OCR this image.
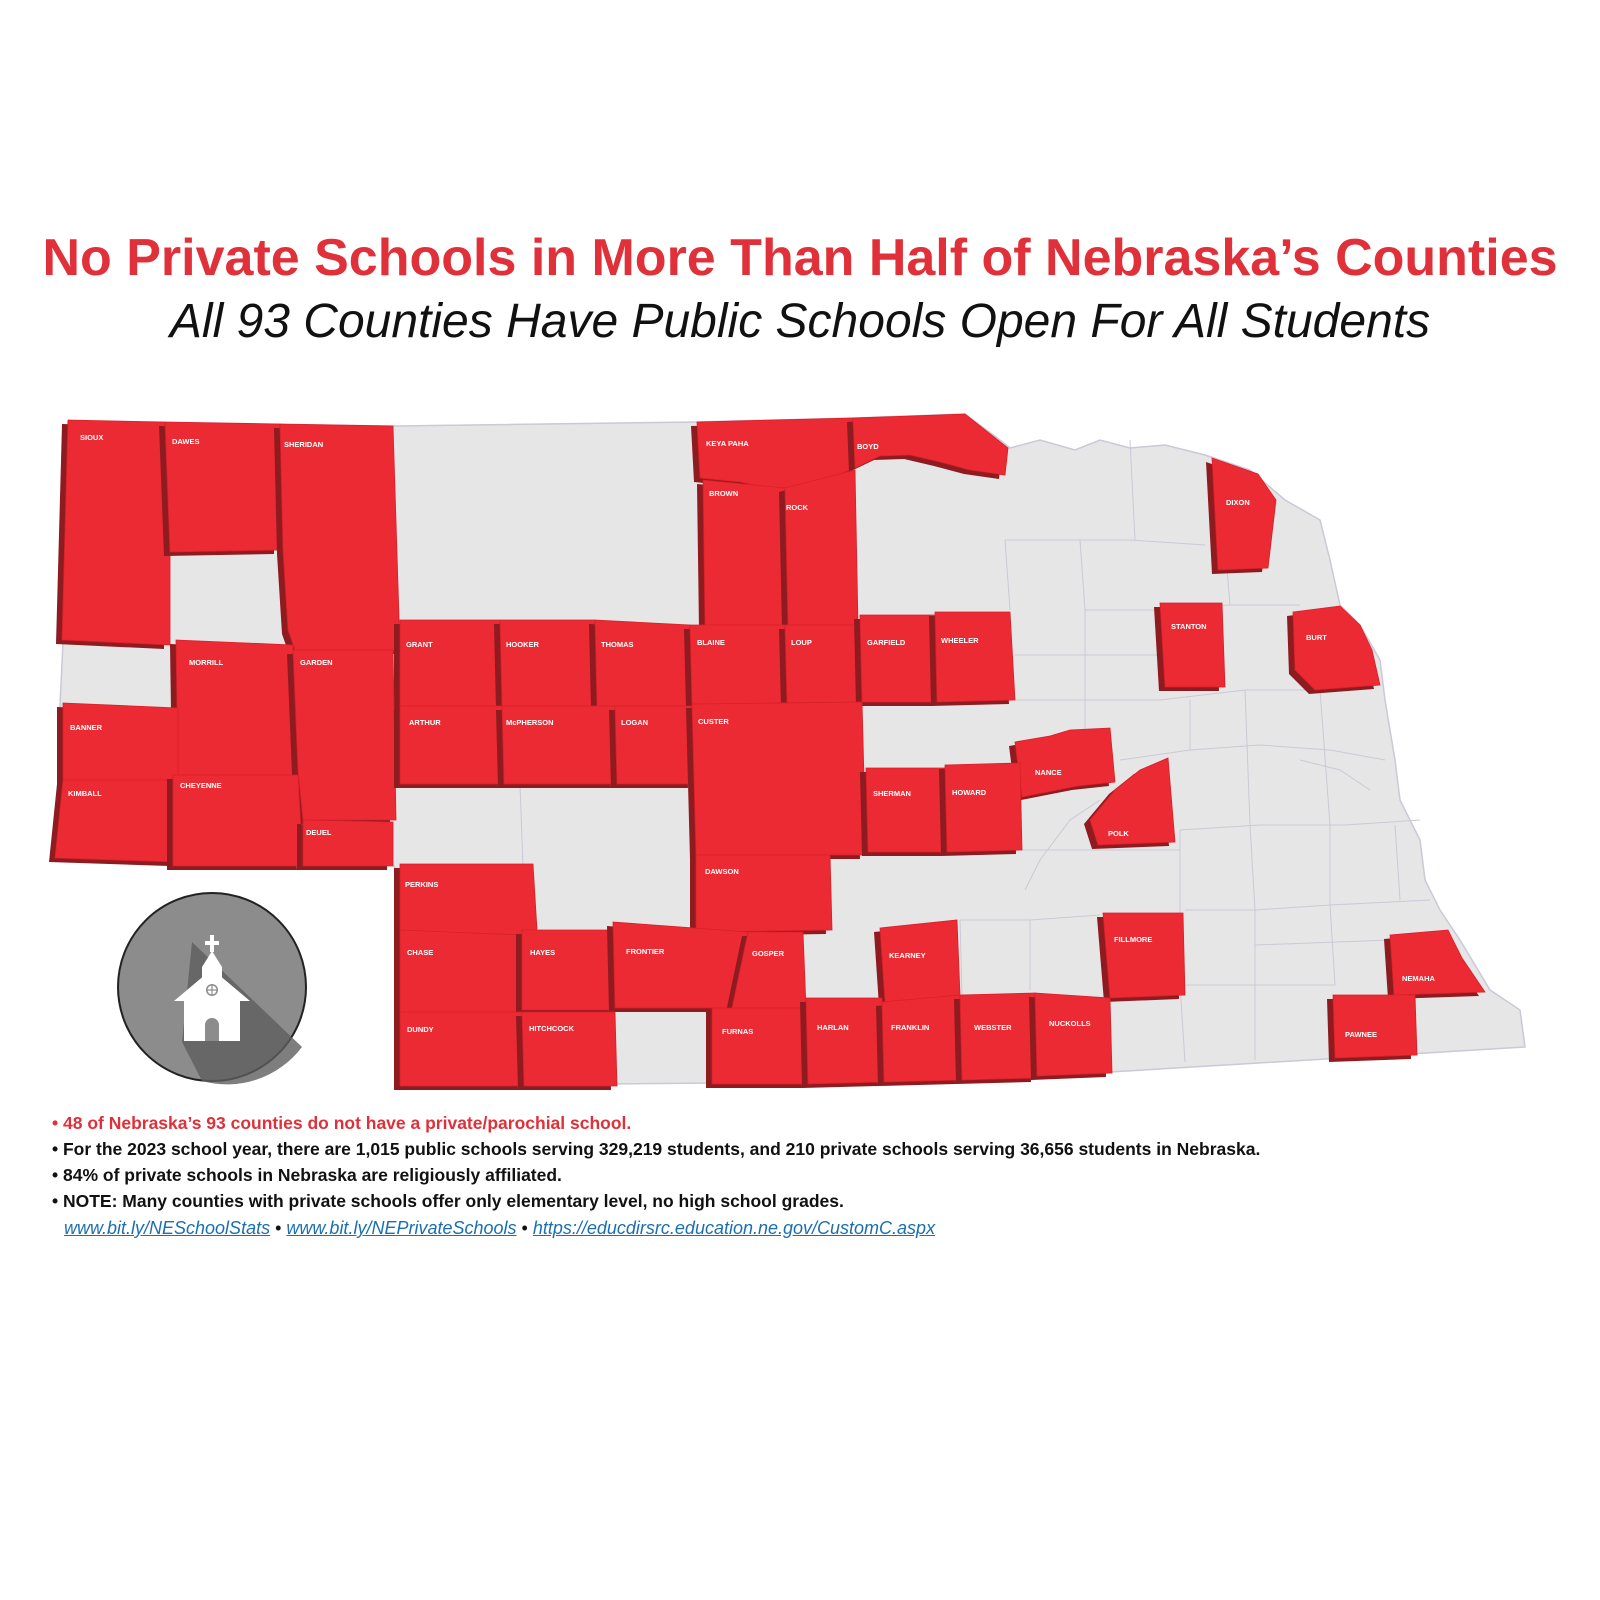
No Private Schools in More Than Half of Nebraska’s Counties
All 93 Counties Have Public Schools Open For All Students
SIOUX	DAWES	SHERIDAN	KEYA PAHA	BOYD
BROWN
ROCK
DIXON
STANTON
BURT
GRANT	HOOKER	THOMAS	BLAINE	LOUP	GARFIELD	WHEELER
MORRILL	GARDEN
BANNER
ARTHUR	McPHERSON	LOGAN	CUSTER
NANCE
KIMBALL
CHEYENNE
SHERMAN	HOWARD
POLK
DEUEL
PERKINS
DAWSON
CHASE	HAYES	FRONTIER	GOSPER	KEARNEY
FILLMORE
NEMAHA
DUNDY	HITCHCOCK	FURNAS	HARLAN	FRANKLIN	WEBSTER	NUCKOLLS
PAWNEE
• 48 of Nebraska’s 93 counties do not have a private/parochial school.
• For the 2023 school year, there are 1,015 public schools serving 329,219 students, and 210 private schools serving 36,656 students in Nebraska.
• 84% of private schools in Nebraska are religiously affiliated.
• NOTE: Many counties with private schools offer only elementary level, no high school grades.
www.bit.ly/NESchoolStats • www.bit.ly/NEPrivateSchools • https://educdirsrc.education.ne.gov/CustomC.aspx
